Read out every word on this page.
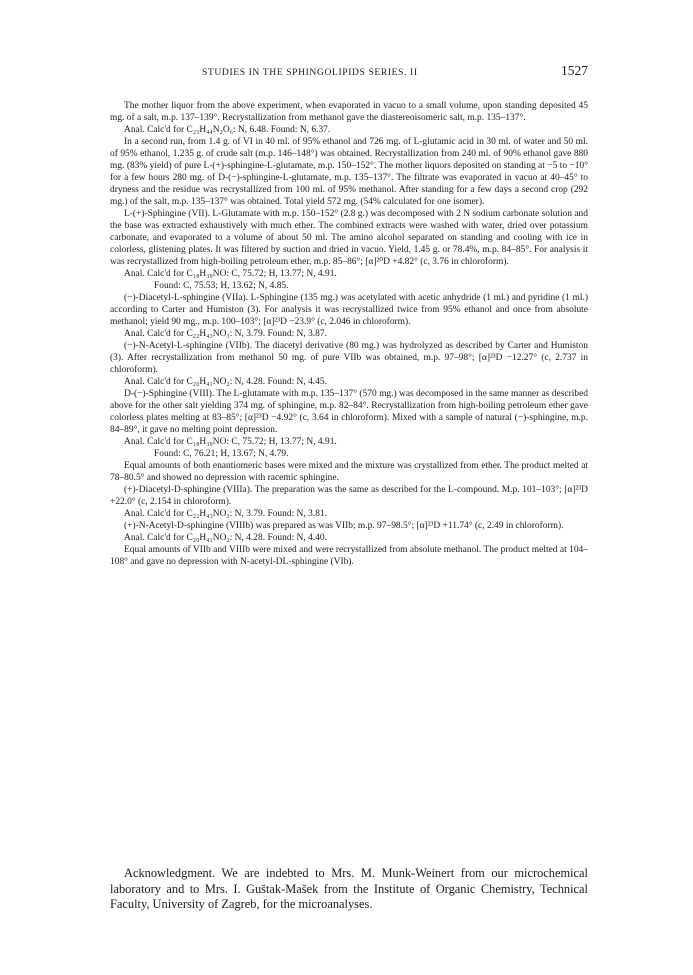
STUDIES IN THE SPHINGOLIPIDS SERIES. II	1527

The mother liquor from the above experiment, when evaporated in vacuo to a small volume, upon standing deposited 45 mg. of a salt, m.p. 137–139°. Recrystallization from methanol gave the diastereoisomeric salt, m.p. 135–137°.

Anal. Calc'd for C₂₃H₄₄N₂O₆: N, 6.48. Found: N, 6.37.

In a second run, from 1.4 g. of VI in 40 ml. of 95% ethanol and 726 mg. of L-glutamic acid in 30 ml. of water and 50 ml. of 95% ethanol, 1.235 g. of crude salt (m.p. 146–148°) was obtained. Recrystallization from 240 ml. of 90% ethanol gave 880 mg. (83% yield) of pure L-(+)-sphingine-L-glutamate, m.p. 150–152°. The mother liquors deposited on standing at −5 to −10° for a few hours 280 mg. of D-(−)-sphingine-L-glutamate, m.p. 135–137°. The filtrate was evaporated in vacuo at 40–45° to dryness and the residue was recrystallized from 100 ml. of 95% methanol. After standing for a few days a second crop (292 mg.) of the salt, m.p. 135–137° was obtained. Total yield 572 mg. (54% calculated for one isomer).

L-(+)-Sphingine (VII). L-Glutamate with m.p. 150–152° (2.8 g.) was decomposed with 2 N sodium carbonate solution and the base was extracted exhaustively with much ether. The combined extracts were washed with water, dried over potassium carbonate, and evaporated to a volume of about 50 ml. The amino alcohol separated on standing and cooling with ice in colorless, glistening plates. It was filtered by suction and dried in vacuo. Yield, 1.45 g. or 78.4%, m.p. 84–85°. For analysis it was recrystallized from high-boiling petroleum ether, m.p. 85–86°; [α]²⁰D +4.82° (c, 3.76 in chloroform).

Anal. Calc'd for C₁₈H₃₉NO: C, 75.72; H, 13.77; N, 4.91.

Found: C, 75.53; H, 13.62; N, 4.85.

(−)-Diacetyl-L-sphingine (VIIa). L-Sphingine (135 mg.) was acetylated with acetic anhydride (1 ml.) and pyridine (1 ml.) according to Carter and Humiston (3). For analysis it was recrystallized twice from 95% ethanol and once from absolute methanol; yield 90 mg., m.p. 100–103°; [α]²³D −23.9° (c, 2.046 in chloroform).

Anal. Calc'd for C₂₂H₄₃NO₃: N, 3.79. Found: N, 3.87.

(−)-N-Acetyl-L-sphingine (VIIb). The diacetyl derivative (80 mg.) was hydrolyzed as described by Carter and Humiston (3). After recrystallization from methanol 50 mg. of pure VIIb was obtained, m.p. 97–98°; [α]²³D −12.27° (c, 2.737 in chloroform).

Anal. Calc'd for C₂₀H₄₁NO₂: N, 4.28. Found: N, 4.45.

D-(−)-Sphingine (VIII). The L-glutamate with m.p. 135–137° (570 mg.) was decomposed in the same manner as described above for the other salt yielding 374 mg. of sphingine, m.p. 82–84°. Recrystallization from high-boiling petroleum ether gave colorless plates melting at 83–85°; [α]²³D −4.92° (c, 3.64 in chloroform). Mixed with a sample of natural (−)-sphingine, m.p. 84–89°, it gave no melting point depression.

Anal. Calc'd for C₁₈H₃₉NO: C, 75.72; H, 13.77; N, 4.91.

Found: C, 76.21; H, 13.67; N, 4.79.

Equal amounts of both enantiomeric bases were mixed and the mixture was crystallized from ether. The product melted at 78–80.5° and showed no depression with racemic sphingine.

(+)-Diacetyl-D-sphingine (VIIIa). The preparation was the same as described for the L-compound. M.p. 101–103°; [α]²³D +22.0° (c, 2.154 in chloroform).

Anal. Calc'd for C₂₂H₄₃NO₃: N, 3.79. Found: N, 3.81.

(+)-N-Acetyl-D-sphingine (VIIIb) was prepared as was VIIb; m.p. 97–98.5°; [α]²³D +11.74° (c, 2.49 in chloroform).

Anal. Calc'd for C₂₀H₄₁NO₂: N, 4.28. Found: N, 4.40.

Equal amounts of VIIb and VIIIb were mixed and were recrystallized from absolute methanol. The product melted at 104–108° and gave no depression with N-acetyl-DL-sphingine (VIb).

Acknowledgment. We are indebted to Mrs. M. Munk-Weinert from our microchemical laboratory and to Mrs. I. Guštak-Mašek from the Institute of Organic Chemistry, Technical Faculty, University of Zagreb, for the microanalyses.
